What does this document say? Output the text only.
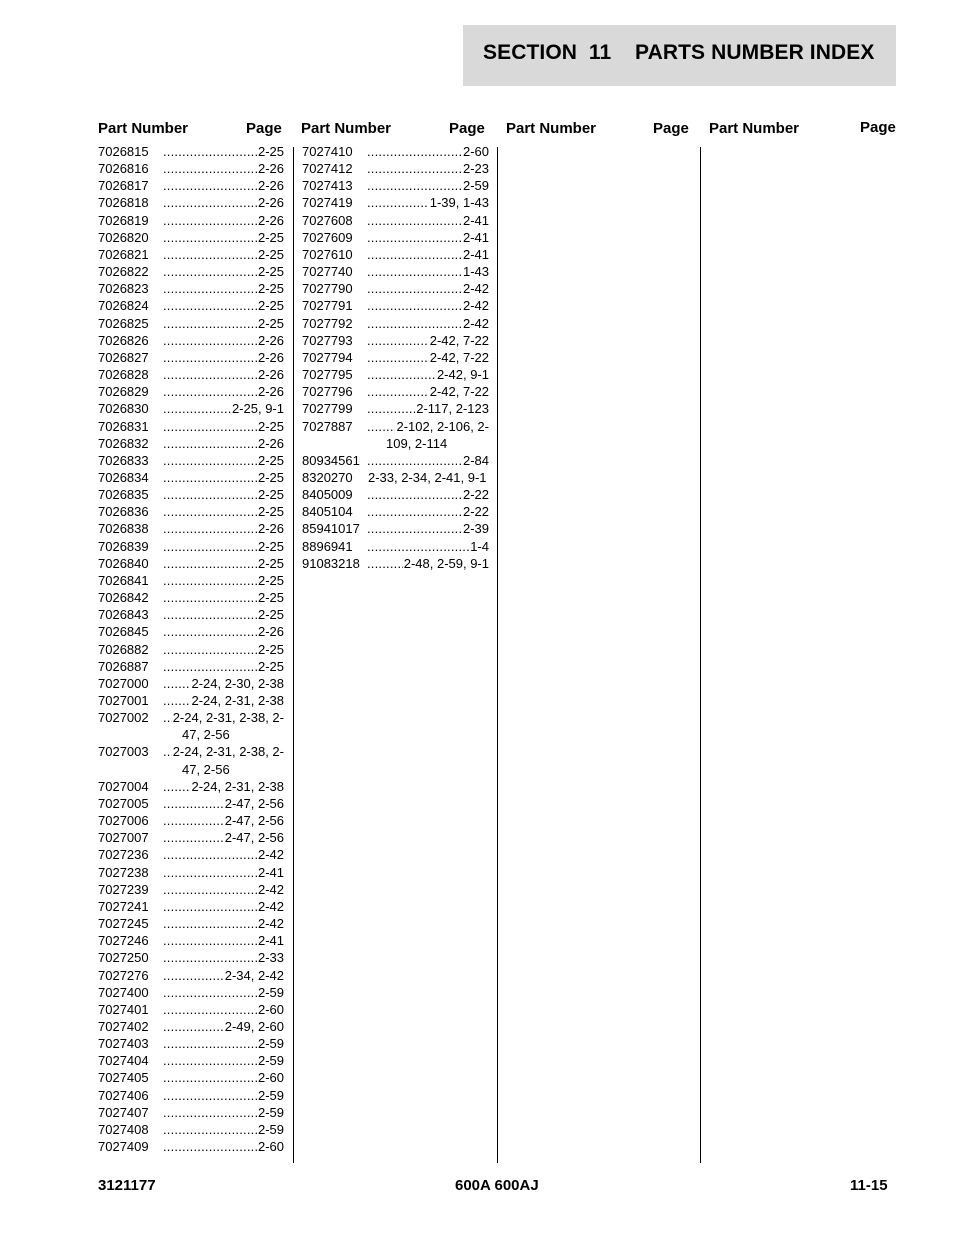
SECTION  11    PARTS NUMBER INDEX
Part Number	Page Part Number	Page Part Number	Page Part Number	Page
7026815 .....	2-25
7026816 .....	2-26
7026817 .....	2-26
7026818 .....	2-26
7026819 .....	2-26
7026820 .....	2-25
7026821 .....	2-25
7026822 .....	2-25
7026823 .....	2-25
7026824 .....	2-25
7026825 .....	2-25
7026826 .....	2-26
7026827 .....	2-26
7026828 .....	2-26
7026829 .....	2-26
7026830 .....	2-25, 9-1
7026831 .....	2-25
7026832 .....	2-26
7026833 .....	2-25
7026834 .....	2-25
7026835 .....	2-25
7026836 .....	2-25
7026838 .....	2-26
7026839 .....	2-25
7026840 .....	2-25
7026841 .....	2-25
7026842 .....	2-25
7026843 .....	2-25
7026845 .....	2-26
7026882 .....	2-25
7026887 .....	2-25
7027000 .....	2-24, 2-30, 2-38
7027001 .....	2-24, 2-31, 2-38
7027002 .....	2-24, 2-31, 2-38, 2-
47, 2-56
7027003 .....	2-24, 2-31, 2-38, 2-
47, 2-56
7027004 .....	2-24, 2-31, 2-38
7027005 .....	2-47, 2-56
7027006 .....	2-47, 2-56
7027007 .....	2-47, 2-56
7027236 .....	2-42
7027238 .....	2-41
7027239 .....	2-42
7027241 .....	2-42
7027245 .....	2-42
7027246 .....	2-41
7027250 .....	2-33
7027276 .....	2-34, 2-42
7027400 .....	2-59
7027401 .....	2-60
7027402 .....	2-49, 2-60
7027403 .....	2-59
7027404 .....	2-59
7027405 .....	2-60
7027406 .....	2-59
7027407 .....	2-59
7027408 .....	2-59
7027409 .....	2-60
7027410 .....	2-60
7027412 .....	2-23
7027413 .....	2-59
7027419 .....	1-39, 1-43
7027608 .....	2-41
7027609 .....	2-41
7027610 .....	2-41
7027740 .....	1-43
7027790 .....	2-42
7027791 .....	2-42
7027792 .....	2-42
7027793 .....	2-42, 7-22
7027794 .....	2-42, 7-22
7027795 .....	2-42, 9-1
7027796 .....	2-42, 7-22
7027799 .....	2-117, 2-123
7027887 .....	2-102, 2-106, 2-
109, 2-114
80934561 .....	2-84
8320270	2-33, 2-34, 2-41, 9-1
8405009 .....	2-22
8405104 .....	2-22
85941017 .....	2-39
8896941 .....	1-4
91083218 .....	2-48, 2-59, 9-1
3121177	600A 600AJ	11-15
